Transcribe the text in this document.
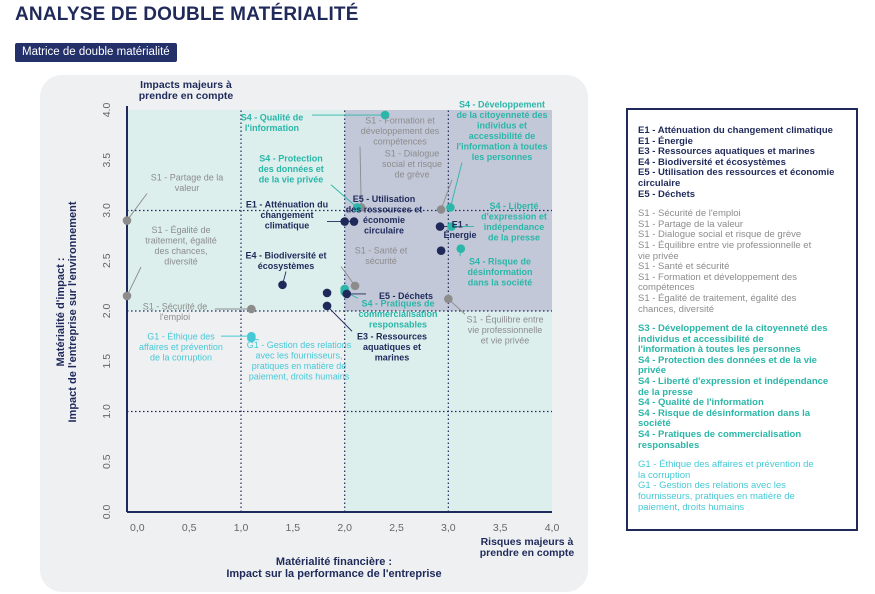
ANALYSE DE DOUBLE MATÉRIALITÉ
Matrice de double matérialité
0,0	0,5	1,0	1,5	2,0	2,5	3,0	3,5	4,0
0.0
0.5
1.0
1.5
2.0
2.5
3.0
3.5
4.0
S4 - Qualité de
l'information
S1 - Formation et
développement des
compétences
S1 - Dialogue
social et risque
de grève
S4 - Développement
de la citoyenneté des
individus et
accessibilité de
l'information à toutes
les personnes
S4 - Protection
des données et
de la vie privée
S1 - Partage de la
valeur
E1 - Atténuation du
changement
climatique
E5 - Utilisation
des ressources et
économie
circulaire
E1 -
Énergie
S4 - Liberté
d'expression et
indépendance
de la presse
S4 - Risque de
désinformation
dans la société
S1 - Égalité de
traitement, égalité
des chances,
diversité
S1 - Santé et
sécurité
E4 - Biodiversité et
écosystèmes
S4 - Pratiques de
commercialisation
responsables
E5 - Déchets
S1 - Équilibre entre
vie professionnelle
et vie privée
S1 - Sécurité de
l'emploi
E3 - Ressources
aquatiques et
marines
G1 - Éthique des
affaires et prévention
de la corruption
G1 - Gestion des relations
avec les fournisseurs,
pratiques en matière de
paiement, droits humains
Impacts majeurs à
prendre en compte
Risques majeurs à
prendre en compte
Matérialité financière :
Impact sur la performance de l'entreprise
Matérialité d'impact : Impact de l'entreprise sur l'environnement
E1 - Atténuation du changement climatique
E1 - Énergie
E3 - Ressources aquatiques et marines
E4 - Biodiversité et écosystèmes
E5 - Utilisation des ressources et économie
circulaire
E5 - Déchets
S1 - Sécurité de l'emploi
S1 - Partage de la valeur
S1 - Dialogue social et risque de grève
S1 - Équilibre entre vie professionnelle et
vie privée
S1 - Santé et sécurité
S1 - Formation et développement des
compétences
S1 - Égalité de traitement, égalité des
chances, diversité
S3 - Développement de la citoyenneté des
individus et accessibilité de
l'information à toutes les personnes
S4 - Protection des données et de la vie
privée
S4 - Liberté d'expression et indépendance
de la presse
S4 - Qualité de l'information
S4 - Risque de désinformation dans la
société
S4 - Pratiques de commercialisation
responsables
G1 - Éthique des affaires et prévention de
la corruption
G1 - Gestion des relations avec les
fournisseurs, pratiques en matière de
paiement, droits humains
